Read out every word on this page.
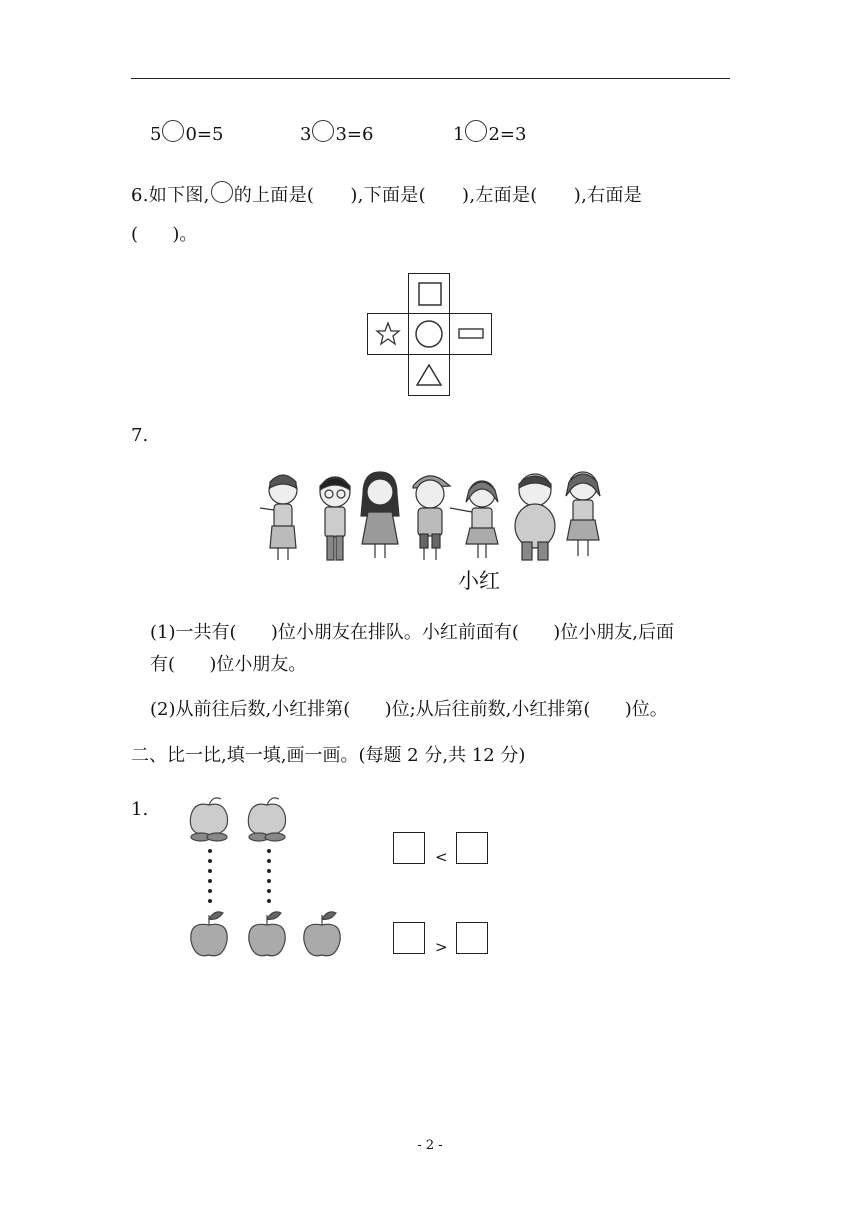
5 0=5	3 3=6	1 2=3
6.如下图, 的上面是(      ),下面是(      ),左面是(      ),右面是
(      )。
7.
小红
(1)一共有(      )位小朋友在排队。小红前面有(      )位小朋友,后面
有(      )位小朋友。
(2)从前往后数,小红排第(      )位;从后往前数,小红排第(      )位。
二、比一比,填一填,画一画。(每题 2 分,共 12 分)
1.
<
>
- 2 -
